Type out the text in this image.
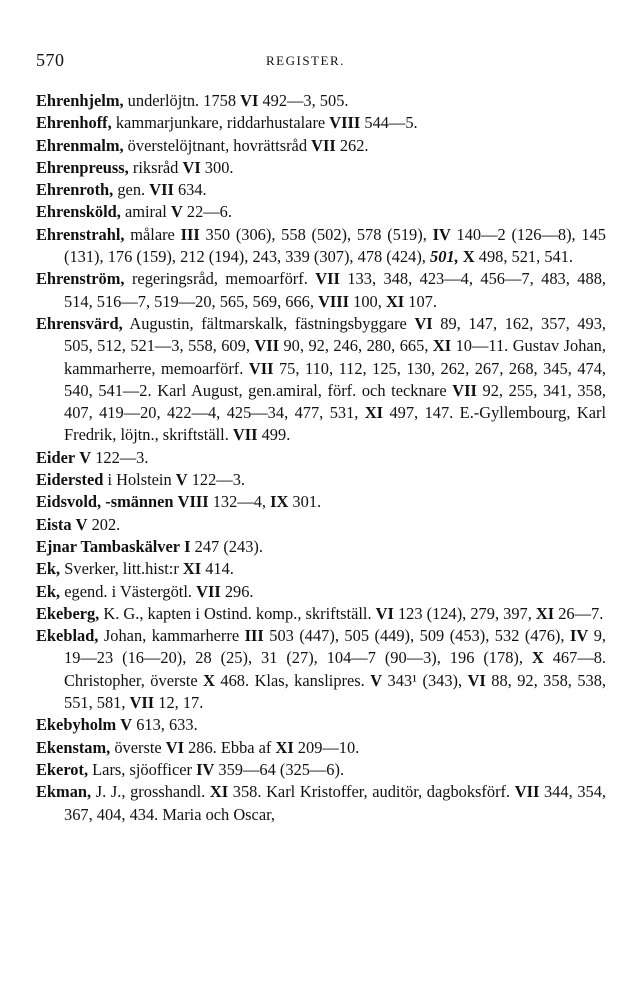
570	REGISTER.

Ehrenhjelm, underlöjtn. 1758 VI 492—3, 505.

Ehrenhoff, kammarjunkare, riddarhustalare VIII 544—5.

Ehrenmalm, överstelöjtnant, hovrättsråd VII 262.

Ehrenpreuss, riksråd VI 300.

Ehrenroth, gen. VII 634.

Ehrensköld, amiral V 22—6.

Ehrenstrahl, målare III 350 (306), 558 (502), 578 (519), IV 140—2 (126—8), 145 (131), 176 (159), 212 (194), 243, 339 (307), 478 (424), 501, X 498, 521, 541.

Ehrenström, regeringsråd, memoarförf. VII 133, 348, 423—4, 456—7, 483, 488, 514, 516—7, 519—20, 565, 569, 666, VIII 100, XI 107.

Ehrensvärd, Augustin, fältmarskalk, fästningsbyggare VI 89, 147, 162, 357, 493, 505, 512, 521—3, 558, 609, VII 90, 92, 246, 280, 665, XI 10—11. Gustav Johan, kammarherre, memoarförf. VII 75, 110, 112, 125, 130, 262, 267, 268, 345, 474, 540, 541—2. Karl August, gen.amiral, förf. och tecknare VII 92, 255, 341, 358, 407, 419—20, 422—4, 425—34, 477, 531, XI 497, 147. E.-Gyllembourg, Karl Fredrik, löjtn., skriftställ. VII 499.

Eider V 122—3.

Eidersted i Holstein V 122—3.

Eidsvold, -smännen VIII 132—4, IX 301.

Eista V 202.

Ejnar Tambaskälver I 247 (243).

Ek, Sverker, litt.hist:r XI 414.

Ek, egend. i Västergötl. VII 296.

Ekeberg, K. G., kapten i Ostind. komp., skriftställ. VI 123 (124), 279, 397, XI 26—7.

Ekeblad, Johan, kammarherre III 503 (447), 505 (449), 509 (453), 532 (476), IV 9, 19—23 (16—20), 28 (25), 31 (27), 104—7 (90—3), 196 (178), X 467—8. Christopher, överste X 468. Klas, kanslipres. V 343¹ (343), VI 88, 92, 358, 538, 551, 581, VII 12, 17.

Ekebyholm V 613, 633.

Ekenstam, överste VI 286. Ebba af XI 209—10.

Ekerot, Lars, sjöofficer IV 359—64 (325—6).

Ekman, J. J., grosshandl. XI 358. Karl Kristoffer, auditör, dagboksförf. VII 344, 354, 367, 404, 434. Maria och Oscar,
